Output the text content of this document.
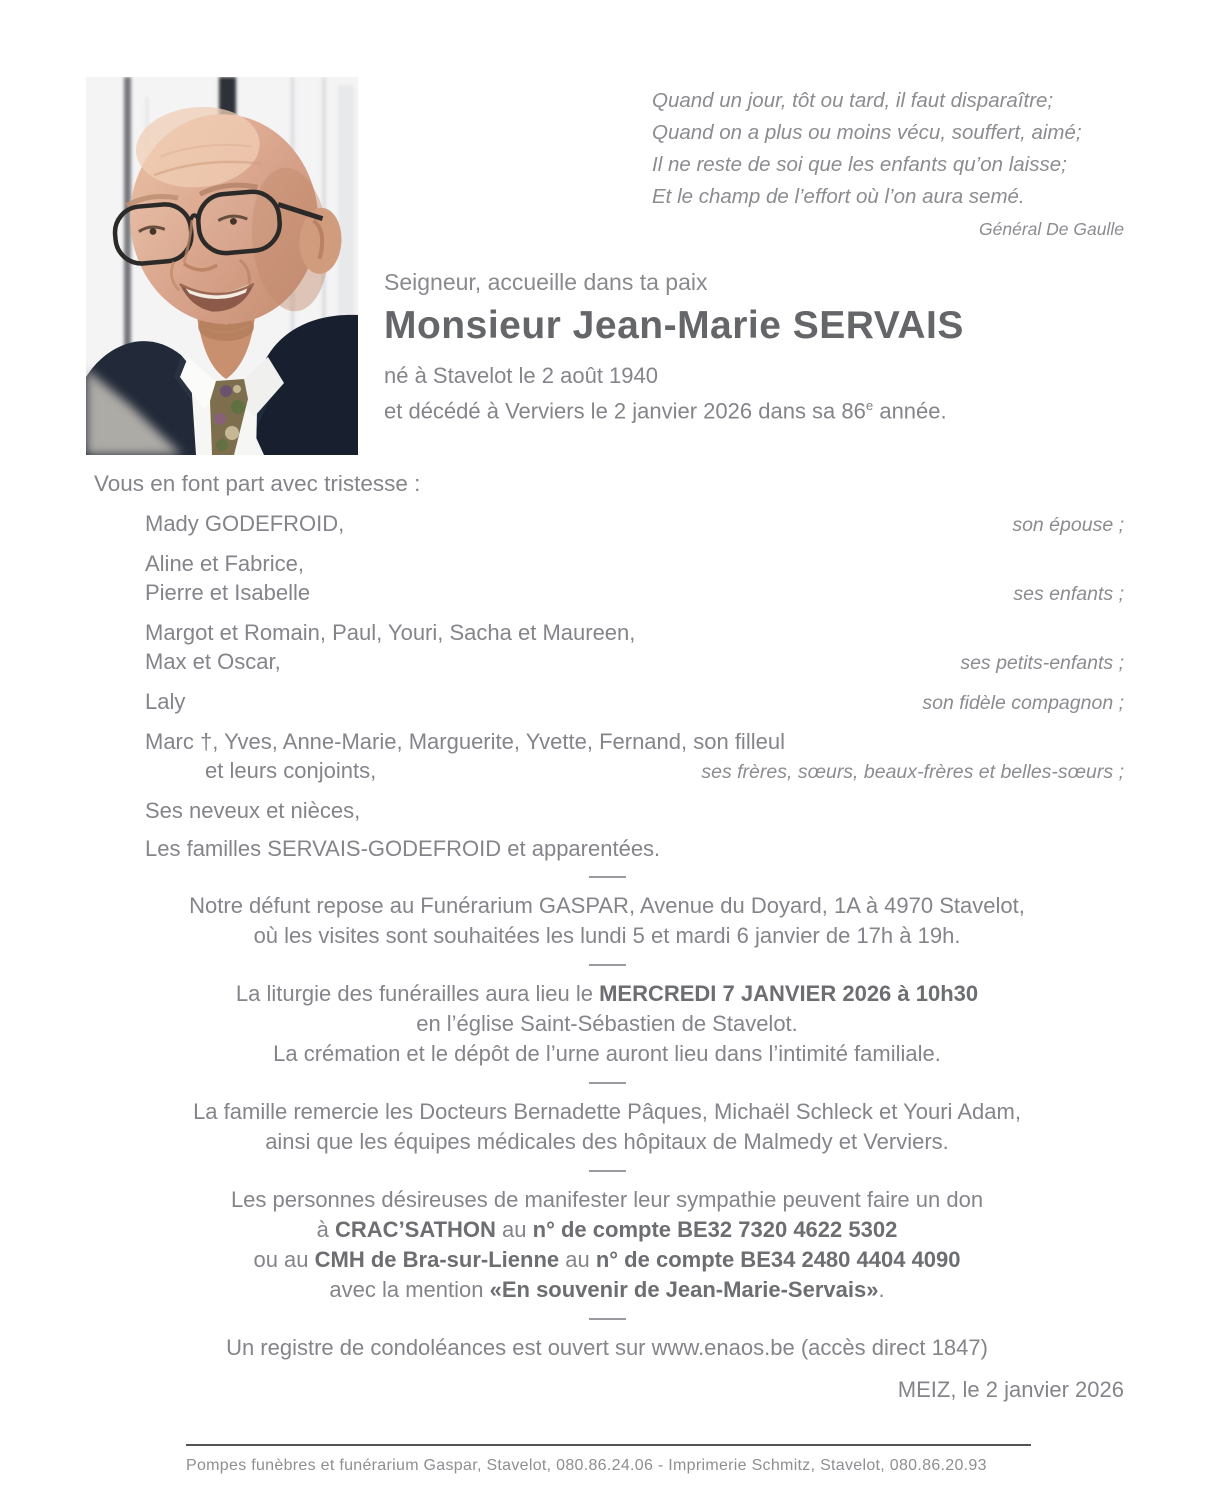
Quand un jour, tôt ou tard, il faut disparaître;
Quand on a plus ou moins vécu, souffert, aimé;
Il ne reste de soi que les enfants qu’on laisse;
Et le champ de l’effort où l’on aura semé.
Général De Gaulle
Seigneur, accueille dans ta paix
Monsieur Jean-Marie SERVAIS
né à Stavelot le 2 août 1940
et décédé à Verviers le 2 janvier 2026 dans sa 86e année.
Vous en font part avec tristesse :
Mady GODEFROID,	son épouse ;
Aline et Fabrice,
Pierre et Isabelle	ses enfants ;
Margot et Romain, Paul, Youri, Sacha et Maureen,
Max et Oscar,	ses petits-enfants ;
Laly	son fidèle compagnon ;
Marc †, Yves, Anne-Marie, Marguerite, Yvette, Fernand, son filleul
et leurs conjoints,	ses frères, sœurs, beaux-frères et belles-sœurs ;
Ses neveux et nièces,
Les familles SERVAIS-GODEFROID et apparentées.

Notre défunt repose au Funérarium GASPAR, Avenue du Doyard, 1A à 4970 Stavelot,

où les visites sont souhaitées les lundi 5 et mardi 6 janvier de 17h à 19h.

La liturgie des funérailles aura lieu le MERCREDI 7 JANVIER 2026 à 10h30

en l’église Saint-Sébastien de Stavelot.

La crémation et le dépôt de l’urne auront lieu dans l’intimité familiale.

La famille remercie les Docteurs Bernadette Pâques, Michaël Schleck et Youri Adam,

ainsi que les équipes médicales des hôpitaux de Malmedy et Verviers.

Les personnes désireuses de manifester leur sympathie peuvent faire un don

à CRAC’SATHON au n° de compte BE32 7320 4622 5302

ou au CMH de Bra-sur-Lienne au n° de compte BE34 2480 4404 4090

avec la mention «En souvenir de Jean-Marie-Servais».

Un registre de condoléances est ouvert sur www.enaos.be (accès direct 1847)

MEIZ, le 2 janvier 2026

Pompes funèbres et funérarium Gaspar, Stavelot, 080.86.24.06 - Imprimerie Schmitz, Stavelot, 080.86.20.93
